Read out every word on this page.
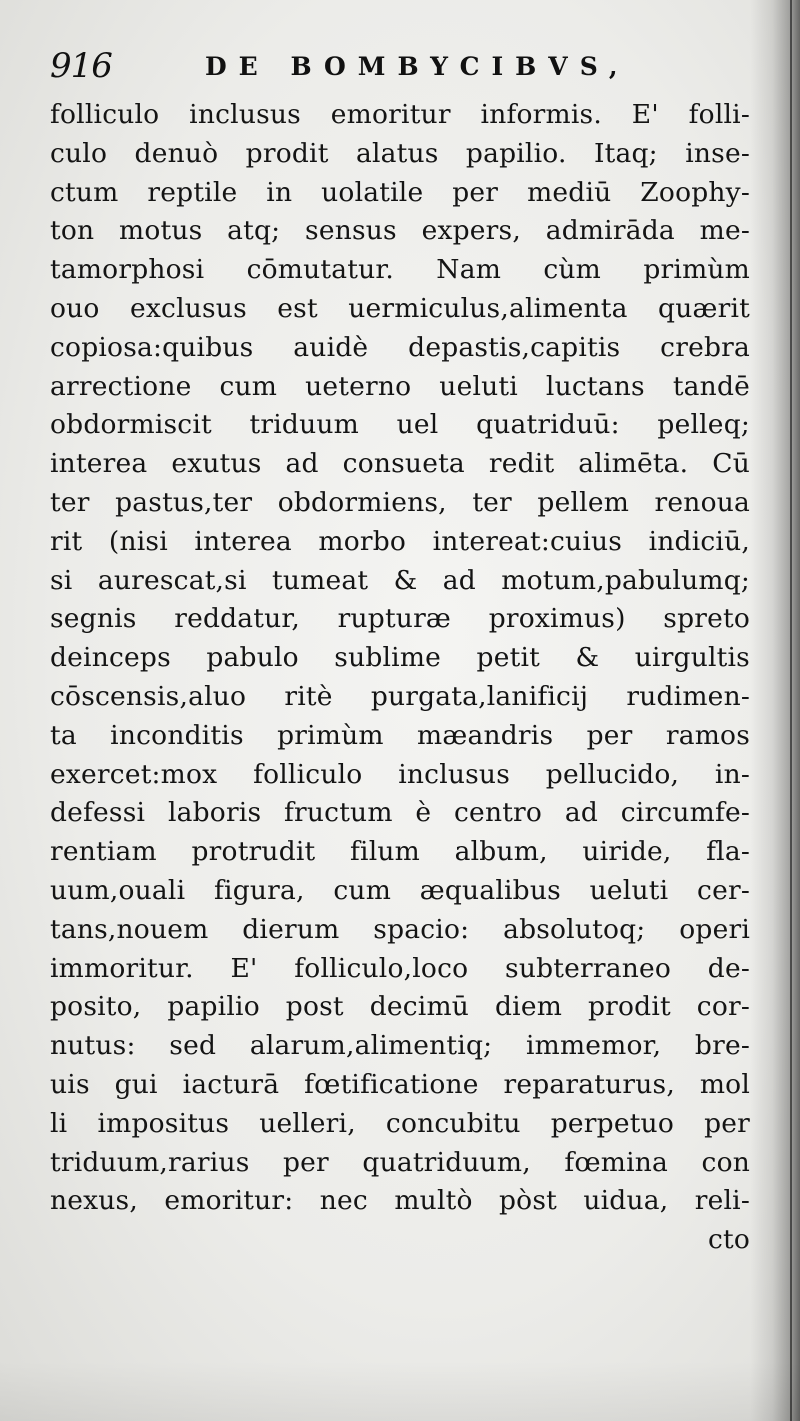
916	DE BOMBYCIBVS,
folliculo inclusus emoritur informis. E' folli-
culo denuò prodit alatus papilio. Itaq; inse-
ctum reptile in uolatile per mediū Zoophy-
ton motus atq; sensus expers, admirāda me-
tamorphosi cōmutatur. Nam cùm primùm
ouo exclusus est uermiculus,alimenta quærit
copiosa:quibus auidè depastis,capitis crebra
arrectione cum ueterno ueluti luctans tandē
obdormiscit triduum uel quatriduū: pelleq;
interea exutus ad consueta redit alimēta. Cū
ter pastus,ter obdormiens, ter pellem renoua
rit (nisi interea morbo intereat:cuius indiciū,
si aurescat,si tumeat & ad motum,pabulumq;
segnis reddatur, rupturæ proximus) spreto
deinceps pabulo sublime petit & uirgultis
cōscensis,aluo ritè purgata,lanificij rudimen-
ta inconditis primùm mæandris per ramos
exercet:mox folliculo inclusus pellucido, in-
defessi laboris fructum è centro ad circumfe-
rentiam protrudit filum album, uiride, fla-
uum,ouali figura, cum æqualibus ueluti cer-
tans,nouem dierum spacio: absolutoq; operi
immoritur. E' folliculo,loco subterraneo de-
posito, papilio post decimū diem prodit cor-
nutus: sed alarum,alimentiq; immemor, bre-
uis gui iacturā fœtificatione reparaturus, mol
li impositus uelleri, concubitu perpetuo per
triduum,rarius per quatriduum, fœmina con
nexus, emoritur: nec multò pòst uidua, reli-
cto
